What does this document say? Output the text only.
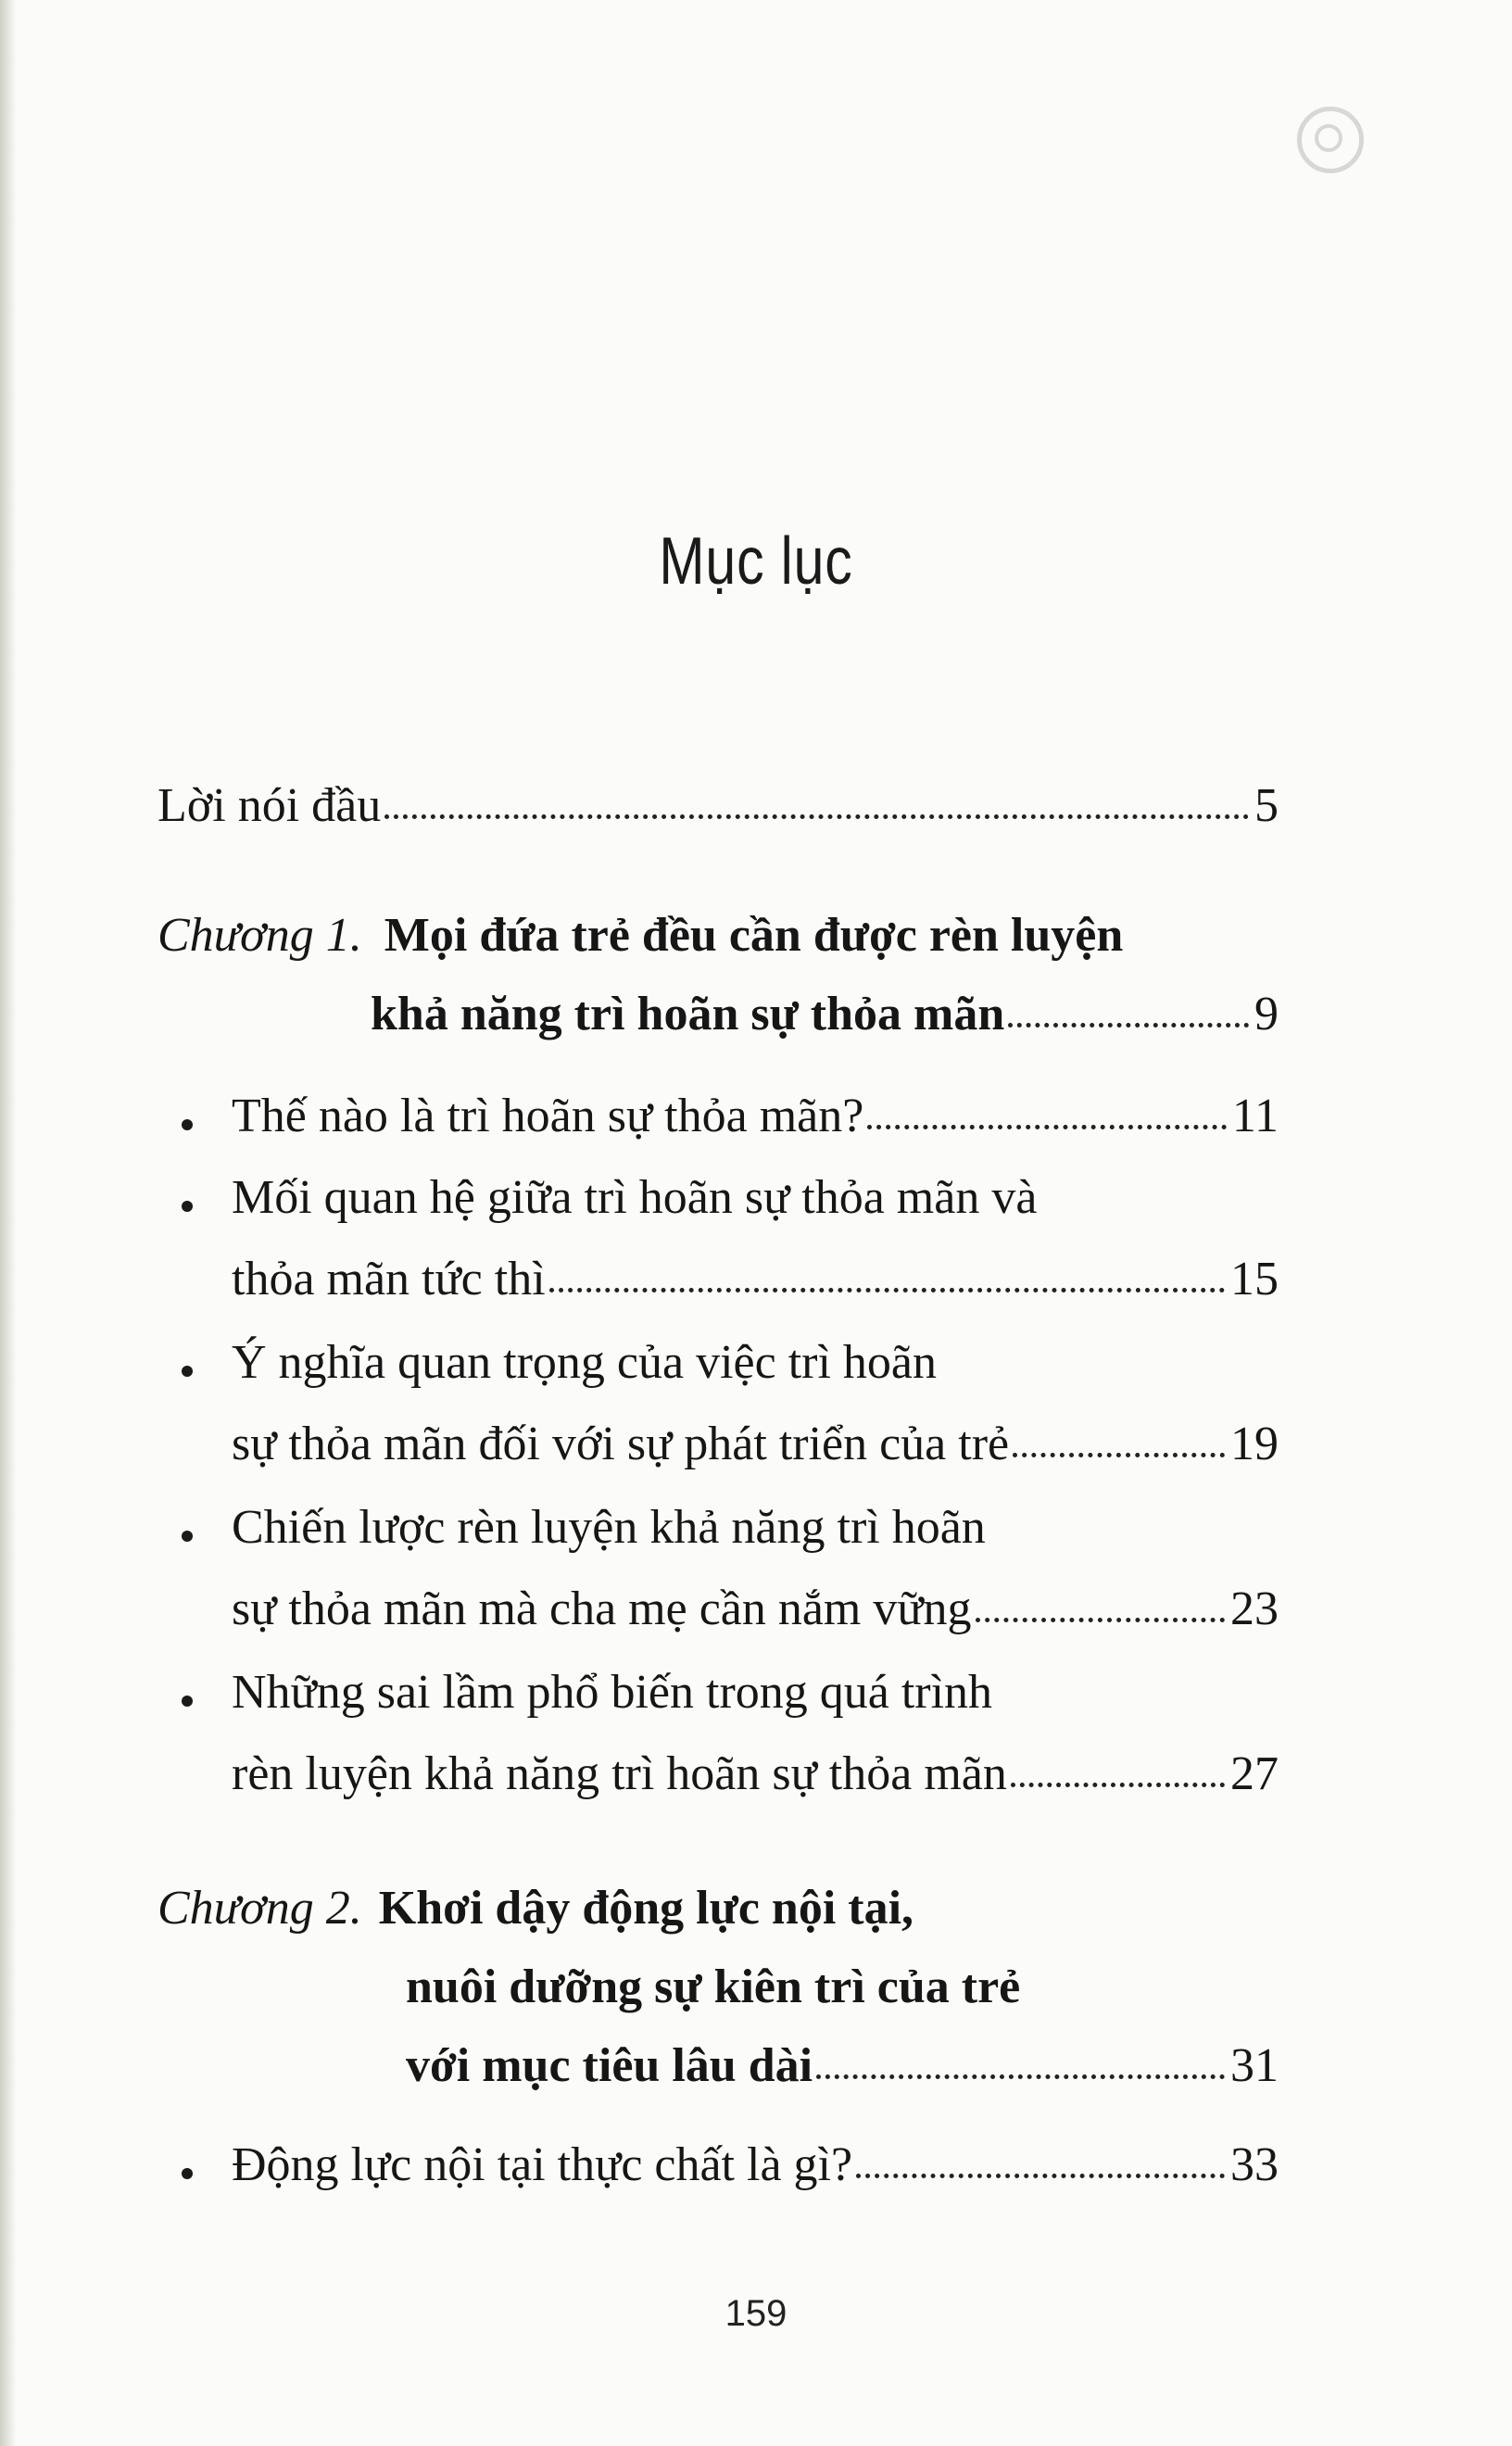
Mục lục
Lời nói đầu	5
Chương 1. Mọi đứa trẻ đều cần được rèn luyện
khả năng trì hoãn sự thỏa mãn	9
Thế nào là trì hoãn sự thỏa mãn?	11
Mối quan hệ giữa trì hoãn sự thỏa mãn và
thỏa mãn tức thì	15
Ý nghĩa quan trọng của việc trì hoãn
sự thỏa mãn đối với sự phát triển của trẻ	19
Chiến lược rèn luyện khả năng trì hoãn
sự thỏa mãn mà cha mẹ cần nắm vững	23
Những sai lầm phổ biến trong quá trình
rèn luyện khả năng trì hoãn sự thỏa mãn	27
Chương 2. Khơi dậy động lực nội tại,
nuôi dưỡng sự kiên trì của trẻ
với mục tiêu lâu dài	31
Động lực nội tại thực chất là gì?	33
159
